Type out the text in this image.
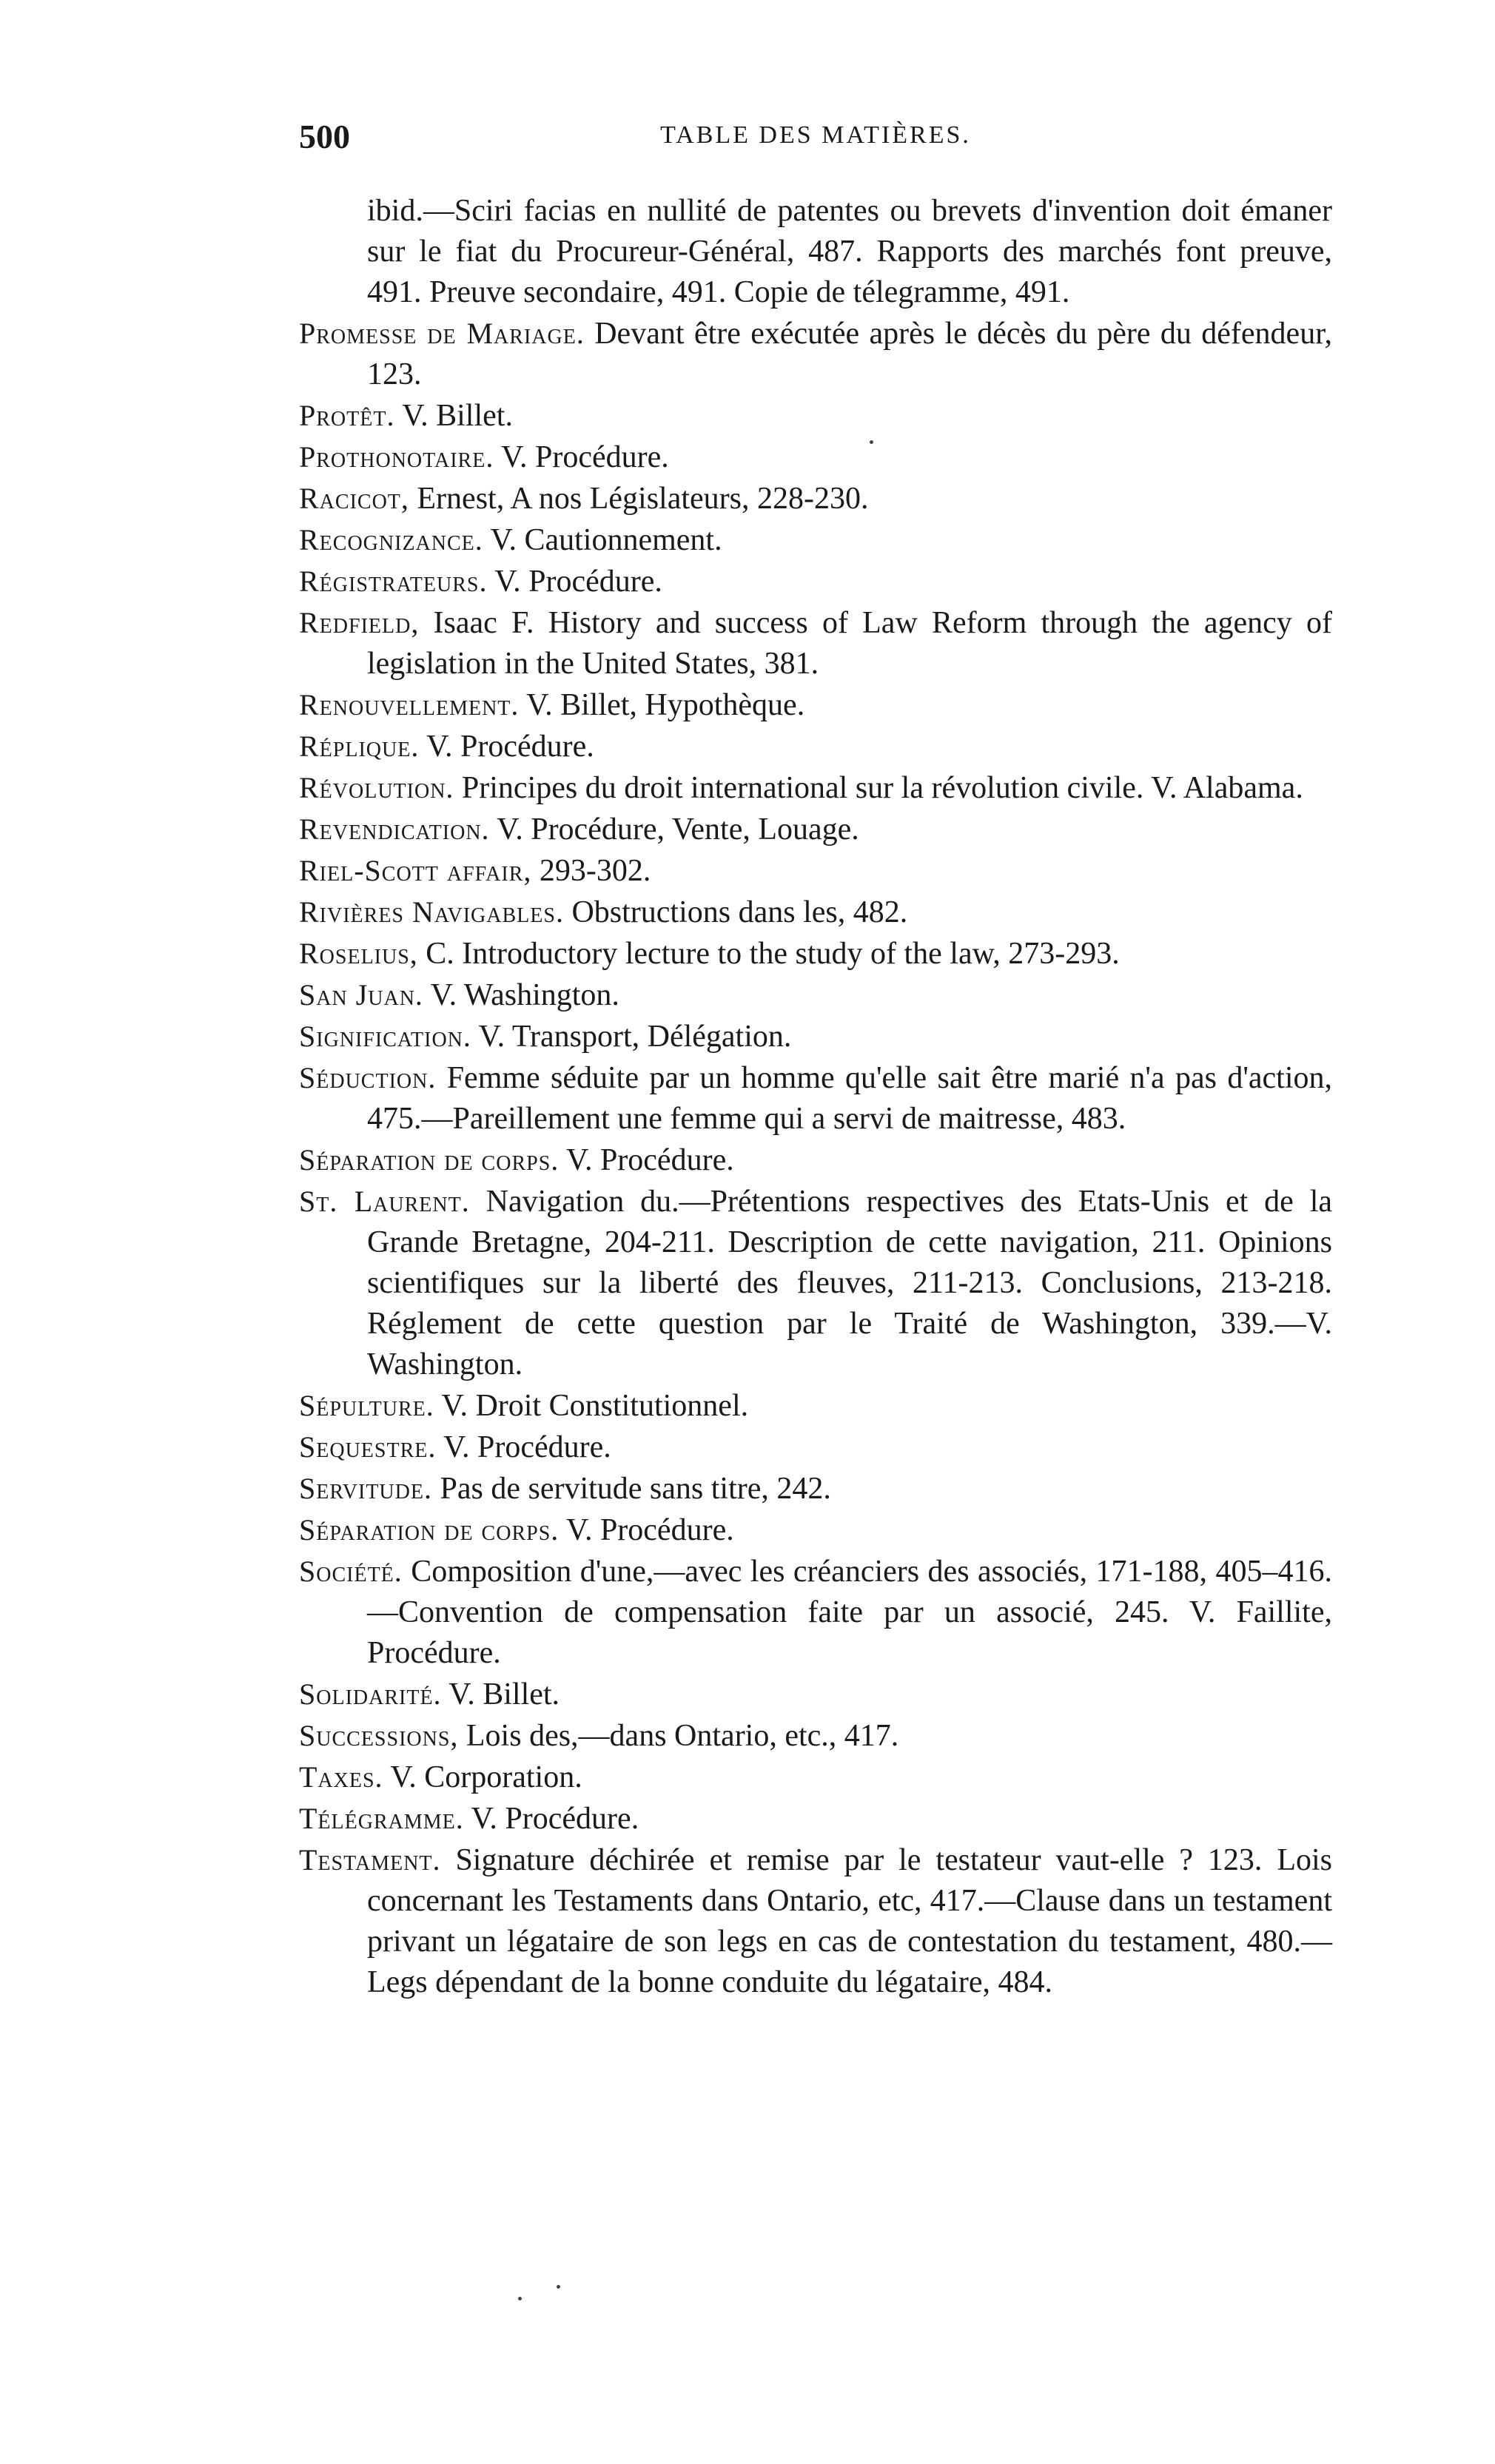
500	TABLE DES MATIÈRES.

ibid.—Sciri facias en nullité de patentes ou brevets d'invention doit émaner sur le fiat du Procureur-Général, 487. Rapports des marchés font preuve, 491. Preuve secondaire, 491. Copie de télegramme, 491.

Promesse de Mariage. Devant être exécutée après le décès du père du défendeur, 123.

Protêt. V. Billet.

Prothonotaire. V. Procédure.

Racicot, Ernest, A nos Législateurs, 228-230.

Recognizance. V. Cautionnement.

Régistrateurs. V. Procédure.

Redfield, Isaac F. History and success of Law Reform through the agency of legislation in the United States, 381.

Renouvellement. V. Billet, Hypothèque.

Réplique. V. Procédure.

Révolution. Principes du droit international sur la révolution civile. V. Alabama.

Revendication. V. Procédure, Vente, Louage.

Riel-Scott affair, 293-302.

Rivières Navigables. Obstructions dans les, 482.

Roselius, C. Introductory lecture to the study of the law, 273-293.

San Juan. V. Washington.

Signification. V. Transport, Délégation.

Séduction. Femme séduite par un homme qu'elle sait être marié n'a pas d'action, 475.—Pareillement une femme qui a servi de maitresse, 483.

Séparation de corps. V. Procédure.

St. Laurent. Navigation du.—Prétentions respectives des Etats-Unis et de la Grande Bretagne, 204-211. Description de cette navigation, 211. Opinions scientifiques sur la liberté des fleuves, 211-213. Conclusions, 213-218. Réglement de cette question par le Traité de Washington, 339.—V. Washington.

Sépulture. V. Droit Constitutionnel.

Sequestre. V. Procédure.

Servitude. Pas de servitude sans titre, 242.

Séparation de corps. V. Procédure.

Société. Composition d'une,—avec les créanciers des associés, 171-188, 405–416.—Convention de compensation faite par un associé, 245. V. Faillite, Procédure.

Solidarité. V. Billet.

Successions, Lois des,—dans Ontario, etc., 417.

Taxes. V. Corporation.

Télégramme. V. Procédure.

Testament. Signature déchirée et remise par le testateur vaut-elle ? 123. Lois concernant les Testaments dans Ontario, etc, 417.—Clause dans un testament privant un légataire de son legs en cas de contestation du testament, 480.—Legs dépendant de la bonne conduite du légataire, 484.
